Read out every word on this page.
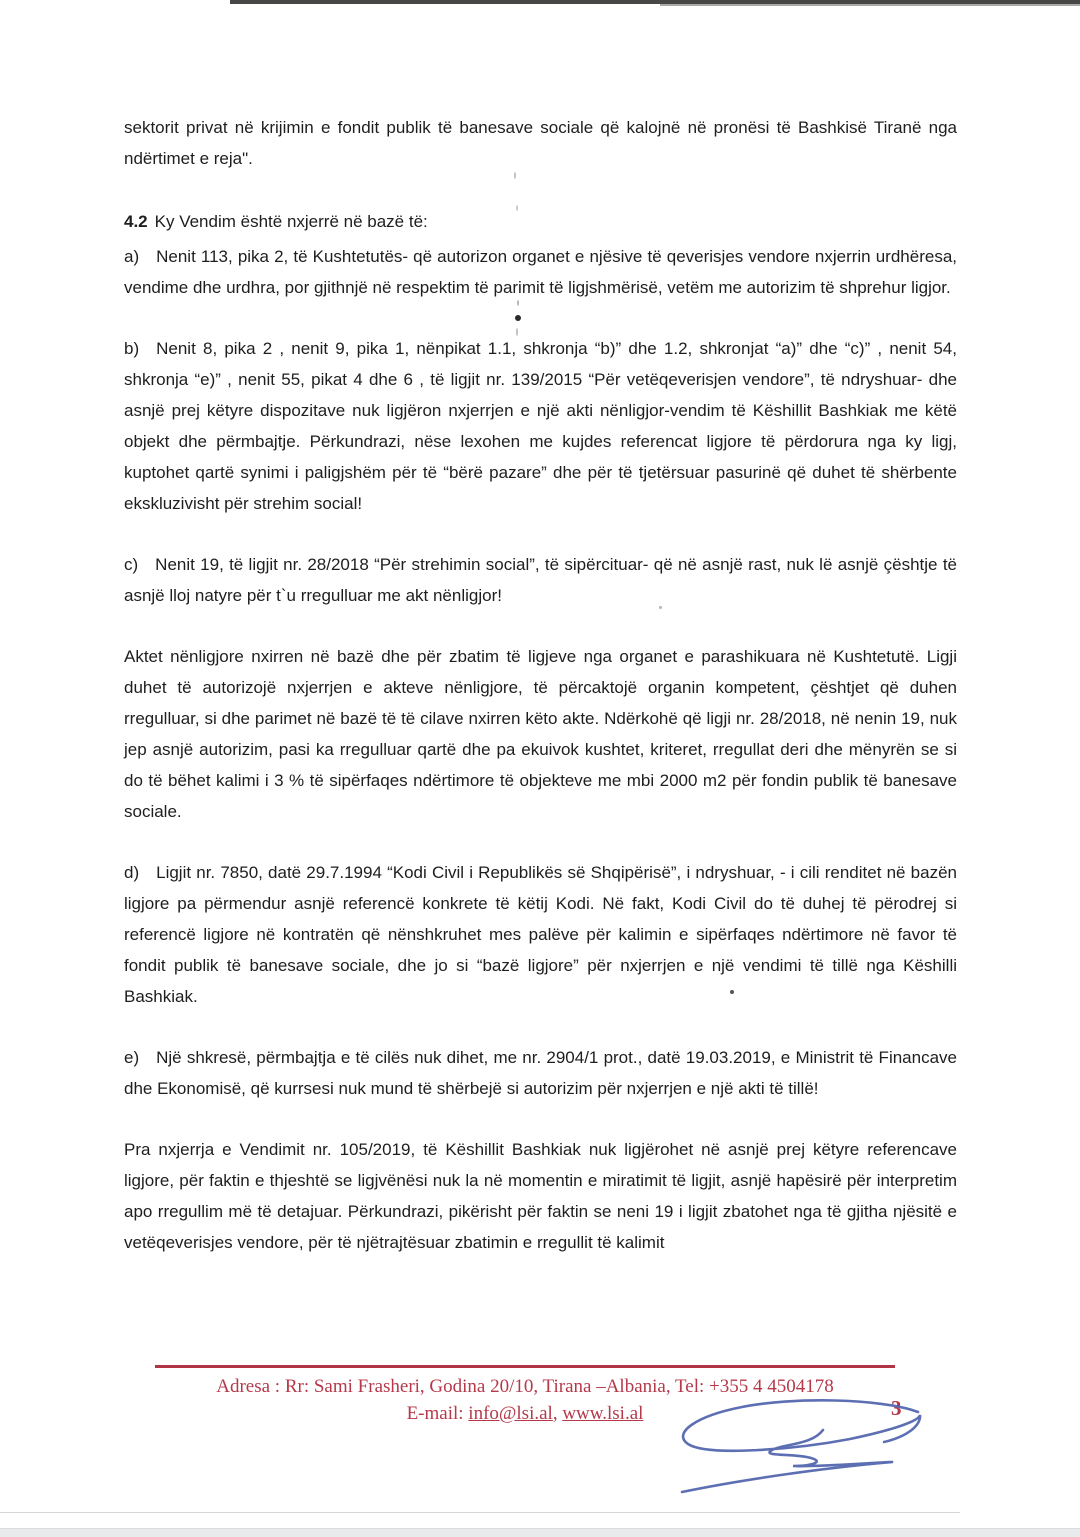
sektorit privat në krijimin e fondit publik të banesave sociale që kalojnë në pronësi të Bashkisë Tiranë nga ndërtimet e reja".

4.2 Ky Vendim është nxjerrë në bazë të:

a) Nenit 113, pika 2, të Kushtetutës- që autorizon organet e njësive të qeverisjes vendore nxjerrin urdhëresa, vendime dhe urdhra, por gjithnjë në respektim të parimit të ligjshmërisë, vetëm me autorizim të shprehur ligjor.

b) Nenit 8, pika 2 , nenit 9, pika 1, nënpikat 1.1, shkronja “b)” dhe 1.2, shkronjat “a)” dhe “c)” , nenit 54, shkronja “e)” , nenit 55, pikat 4 dhe 6 , të ligjit nr. 139/2015 “Për vetëqeverisjen vendore”, të ndryshuar- dhe asnjë prej këtyre dispozitave nuk ligjëron nxjerrjen e një akti nënligjor-vendim të Këshillit Bashkiak me këtë objekt dhe përmbajtje. Përkundrazi, nëse lexohen me kujdes referencat ligjore të përdorura nga ky ligj, kuptohet qartë synimi i paligjshëm për të “bërë pazare” dhe për të tjetërsuar pasurinë që duhet të shërbente ekskluzivisht për strehim social!

c) Nenit 19, të ligjit nr. 28/2018 “Për strehimin social”, të sipërcituar- që në asnjë rast, nuk lë asnjë çështje të asnjë lloj natyre për t`u rregulluar me akt nënligjor!

Aktet nënligjore nxirren në bazë dhe për zbatim të ligjeve nga organet e parashikuara në Kushtetutë. Ligji duhet të autorizojë nxjerrjen e akteve nënligjore, të përcaktojë organin kompetent, çështjet që duhen rregulluar, si dhe parimet në bazë të të cilave nxirren këto akte. Ndërkohë që ligji nr. 28/2018, në nenin 19, nuk jep asnjë autorizim, pasi ka rregulluar qartë dhe pa ekuivok kushtet, kriteret, rregullat deri dhe mënyrën se si do të bëhet kalimi i 3 % të sipërfaqes ndërtimore të objekteve me mbi 2000 m2 për fondin publik të banesave sociale.

d) Ligjit nr. 7850, datë 29.7.1994 “Kodi Civil i Republikës së Shqipërisë”, i ndryshuar, - i cili renditet në bazën ligjore pa përmendur asnjë referencë konkrete të këtij Kodi. Në fakt, Kodi Civil do të duhej të përodrej si referencë ligjore në kontratën që nënshkruhet mes palëve për kalimin e sipërfaqes ndërtimore në favor të fondit publik të banesave sociale, dhe jo si “bazë ligjore” për nxjerrjen e një vendimi të tillë nga Këshilli Bashkiak.

e) Një shkresë, përmbajtja e të cilës nuk dihet, me nr. 2904/1 prot., datë 19.03.2019, e Ministrit të Financave dhe Ekonomisë, që kurrsesi nuk mund të shërbejë si autorizim për nxjerrjen e një akti të tillë!

Pra nxjerrja e Vendimit nr. 105/2019, të Këshillit Bashkiak nuk ligjërohet në asnjë prej këtyre referencave ligjore, për faktin e thjeshtë se ligjvënësi nuk la në momentin e miratimit të ligjit, asnjë hapësirë për interpretim apo rregullim më të detajuar. Përkundrazi, pikërisht për faktin se neni 19 i ligjit zbatohet nga të gjitha njësitë e vetëqeverisjes vendore, për të njëtrajtësuar zbatimin e rregullit të kalimit

Adresa : Rr: Sami Frasheri, Godina 20/10, Tirana –Albania, Tel: +355 4 4504178
E-mail: info@lsi.al, www.lsi.al	3
